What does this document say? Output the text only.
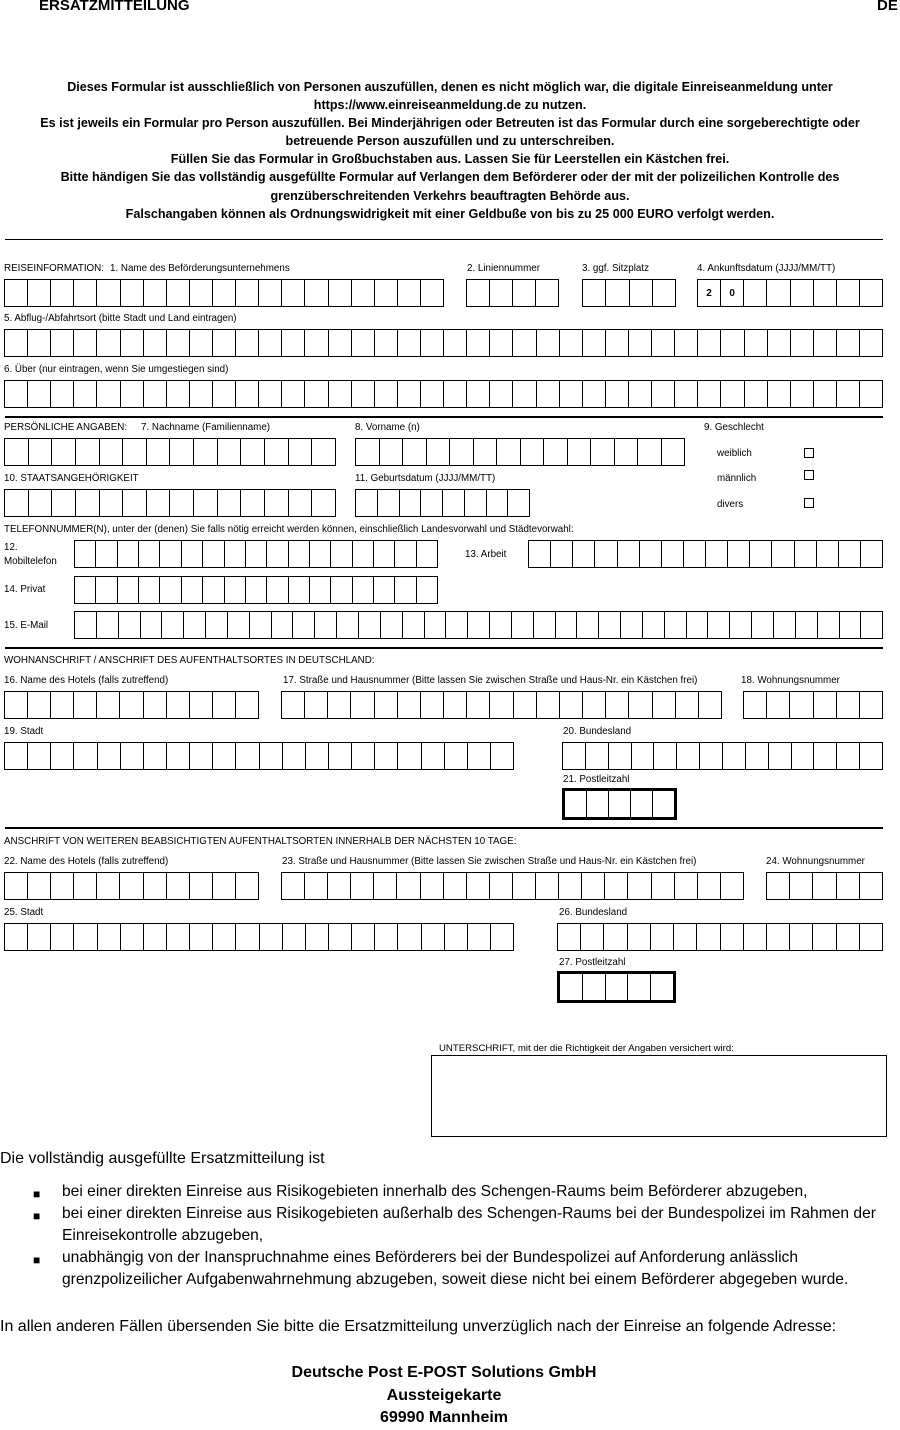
ERSATZMITTEILUNG	DE
Dieses Formular ist ausschließlich von Personen auszufüllen, denen es nicht möglich war, die digitale Einreiseanmeldung unter
https://www.einreiseanmeldung.de zu nutzen.
Es ist jeweils ein Formular pro Person auszufüllen. Bei Minderjährigen oder Betreuten ist das Formular durch eine sorgeberechtigte oder
betreuende Person auszufüllen und zu unterschreiben.
Füllen Sie das Formular in Großbuchstaben aus. Lassen Sie für Leerstellen ein Kästchen frei.
Bitte händigen Sie das vollständig ausgefüllte Formular auf Verlangen dem Beförderer oder der mit der polizeilichen Kontrolle des
grenzüberschreitenden Verkehrs beauftragten Behörde aus.
Falschangaben können als Ordnungswidrigkeit mit einer Geldbuße von bis zu 25 000 EURO verfolgt werden.
REISEINFORMATION: 1. Name des Beförderungsunternehmens	2. Liniennummer	3. ggf. Sitzplatz	4. Ankunftsdatum (JJJJ/MM/TT)
2	0
5. Abflug-/Abfahrtsort (bitte Stadt und Land eintragen)
6. Über (nur eintragen, wenn Sie umgestiegen sind)
PERSÖNLICHE ANGABEN: 7. Nachname (Familienname)	8. Vorname (n)	9. Geschlecht
weiblich
männlich
divers
10. STAATSANGEHÖRIGKEIT	11. Geburtsdatum (JJJJ/MM/TT)
TELEFONNUMMER(N), unter der (denen) Sie falls nötig erreicht werden können, einschließlich Landesvorwahl und Städtevorwahl:
12.
Mobiltelefon
13. Arbeit
14. Privat
15. E-Mail
WOHNANSCHRIFT / ANSCHRIFT DES AUFENTHALTSORTES IN DEUTSCHLAND:
16. Name des Hotels (falls zutreffend)	17. Straße und Hausnummer (Bitte lassen Sie zwischen Straße und Haus-Nr. ein Kästchen frei)	18. Wohnungsnummer
19. Stadt	20. Bundesland
21. Postleitzahl
ANSCHRIFT VON WEITEREN BEABSICHTIGTEN AUFENTHALTSORTEN INNERHALB DER NÄCHSTEN 10 TAGE:
22. Name des Hotels (falls zutreffend)	23. Straße und Hausnummer (Bitte lassen Sie zwischen Straße und Haus-Nr. ein Kästchen frei)	24. Wohnungsnummer
25. Stadt	26. Bundesland
27. Postleitzahl
UNTERSCHRIFT, mit der die Richtigkeit der Angaben versichert wird:
Die vollständig ausgefüllte Ersatzmitteilung ist
■ bei einer direkten Einreise aus Risikogebieten innerhalb des Schengen-Raums beim Beförderer abzugeben,
■ bei einer direkten Einreise aus Risikogebieten außerhalb des Schengen-Raums bei der Bundespolizei im Rahmen der Einreisekontrolle abzugeben,
■ unabhängig von der Inanspruchnahme eines Beförderers bei der Bundespolizei auf Anforderung anlässlich grenzpolizeilicher Aufgabenwahrnehmung abzugeben, soweit diese nicht bei einem Beförderer abgegeben wurde.
In allen anderen Fällen übersenden Sie bitte die Ersatzmitteilung unverzüglich nach der Einreise an folgende Adresse:
Deutsche Post E-POST Solutions GmbH
Aussteigekarte
69990 Mannheim
